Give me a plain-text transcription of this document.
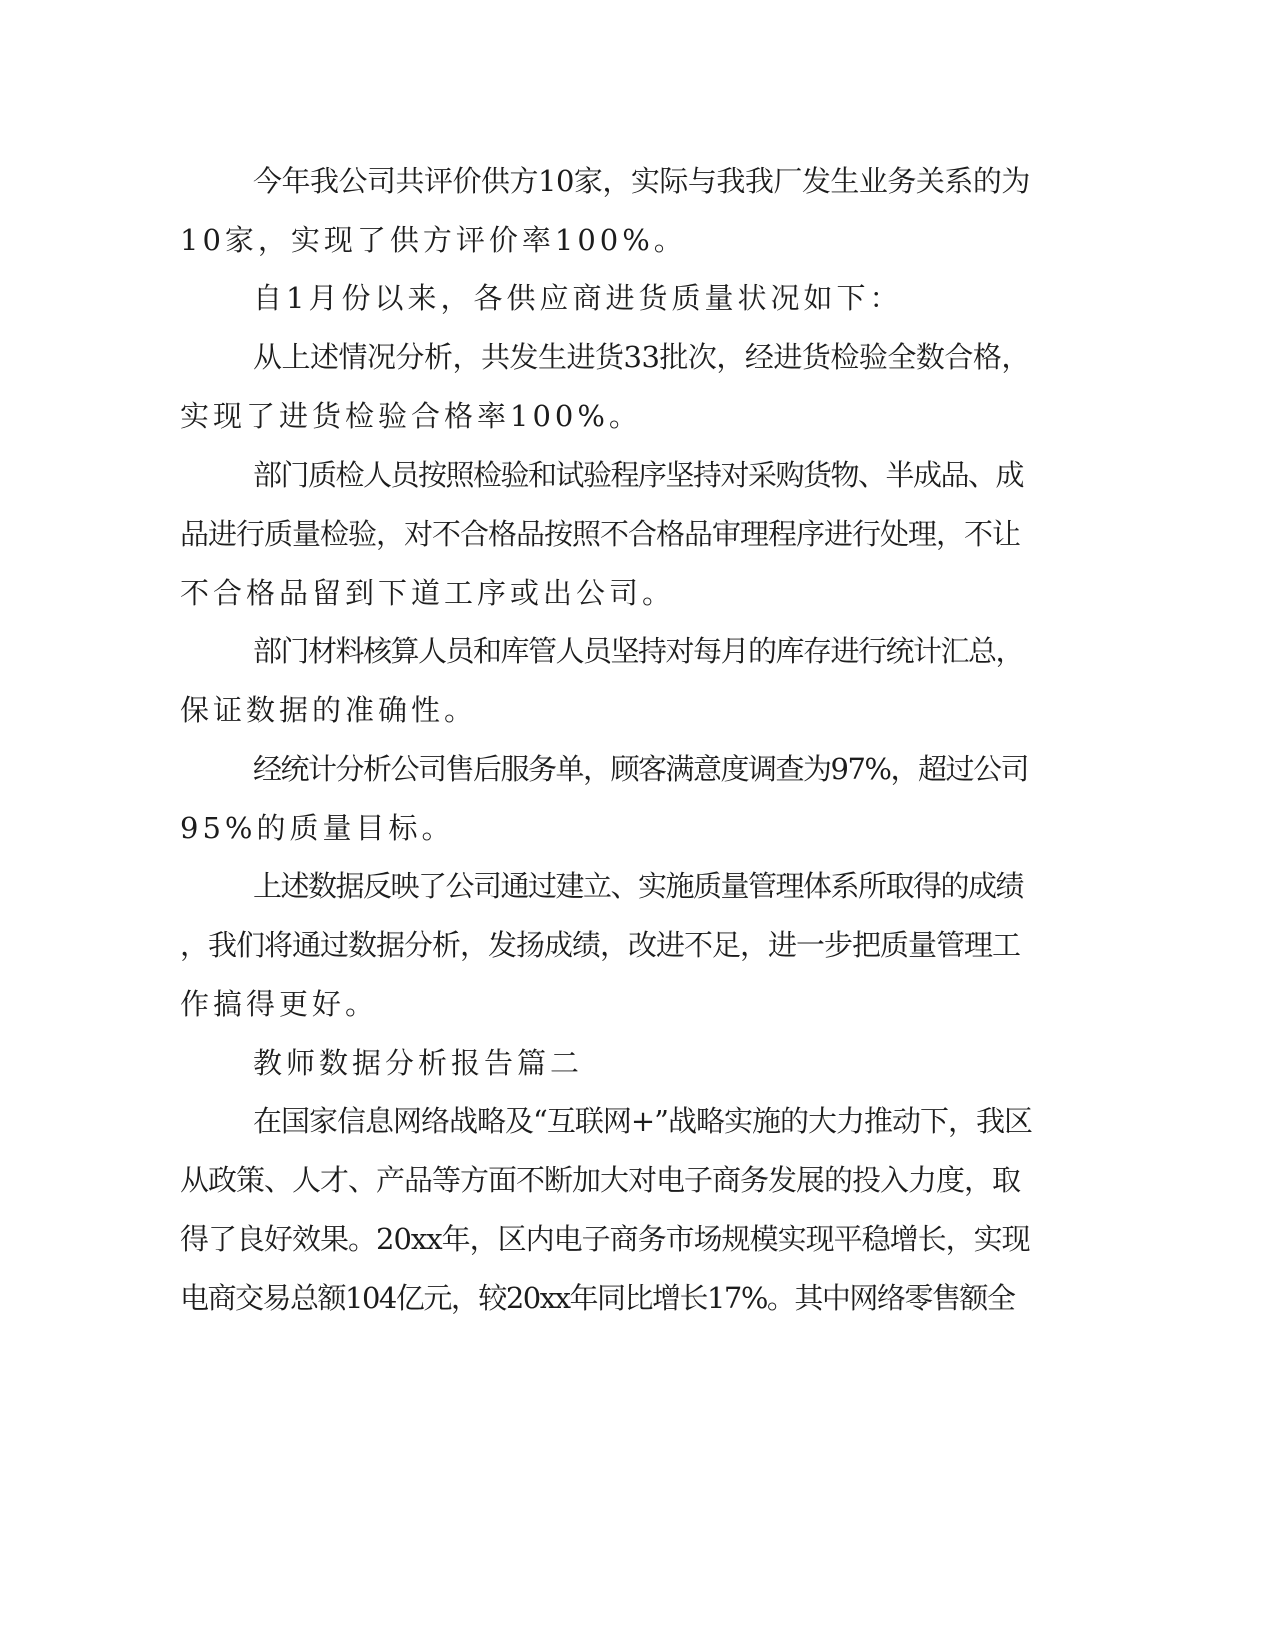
今年我公司共评价供方10家，实际与我我厂发生业务关系的为
10家，实现了供方评价率100%。
自1月份以来，各供应商进货质量状况如下：
从上述情况分析，共发生进货33批次，经进货检验全数合格，
实现了进货检验合格率100%。
部门质检人员按照检验和试验程序坚持对采购货物、半成品、成
品进行质量检验，对不合格品按照不合格品审理程序进行处理，不让
不合格品留到下道工序或出公司。
部门材料核算人员和库管人员坚持对每月的库存进行统计汇总，
保证数据的准确性。
经统计分析公司售后服务单，顾客满意度调查为97%，超过公司
95%的质量目标。
上述数据反映了公司通过建立、实施质量管理体系所取得的成绩
，我们将通过数据分析，发扬成绩，改进不足，进一步把质量管理工
作搞得更好。
教师数据分析报告篇二
在国家信息网络战略及“互联网+”战略实施的大力推动下，我区
从政策、人才、产品等方面不断加大对电子商务发展的投入力度，取
得了良好效果。20xx年，区内电子商务市场规模实现平稳增长，实现
电商交易总额104亿元，较20xx年同比增长17%。其中网络零售额全
